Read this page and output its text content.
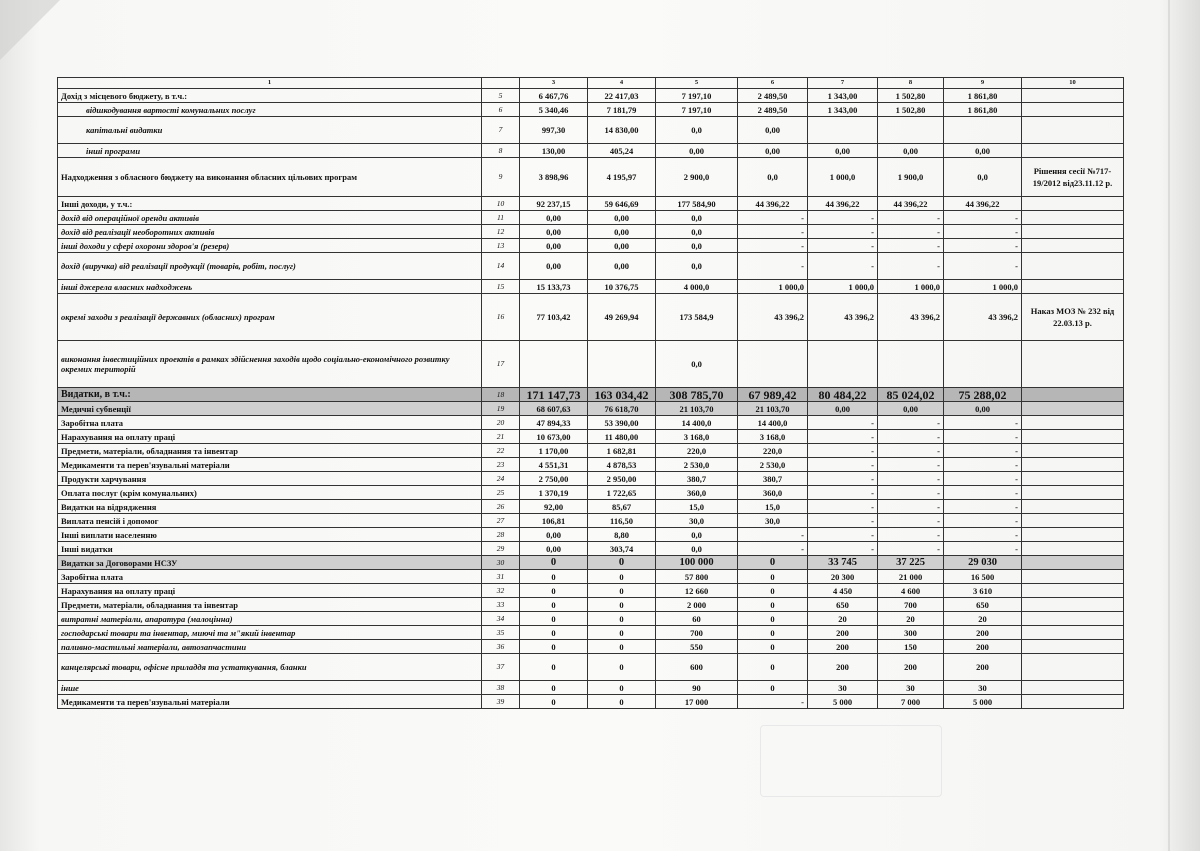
1		3	4	5	6	7	8	9	10
Дохід з місцевого бюджету, в т.ч.:	5	6 467,76	22 417,03	7 197,10	2 489,50	1 343,00	1 502,80	1 861,80	
відшкодування вартості комунальних послуг	6	5 340,46	7 181,79	7 197,10	2 489,50	1 343,00	1 502,80	1 861,80	
капітальні видатки	7	997,30	14 830,00	0,0	0,00				
інші програми	8	130,00	405,24	0,00	0,00	0,00	0,00	0,00	
Надходження з обласного бюджету на виконання обласних цільових програм	9	3 898,96	4 195,97	2 900,0	0,0	1 000,0	1 900,0	0,0	Рішення сесії №717-19/2012 від23.11.12 р.
Інші доходи, у т.ч.:	10	92 237,15	59 646,69	177 584,90	44 396,22	44 396,22	44 396,22	44 396,22	
дохід від операційної оренди активів	11	0,00	0,00	0,0	-	-	-	-	
дохід від реалізації необоротних активів	12	0,00	0,00	0,0	-	-	-	-	
інші доходи у сфері охорони здоров'я (резерв)	13	0,00	0,00	0,0	-	-	-	-	
дохід (виручка) від реалізації продукції (товарів, робіт, послуг)	14	0,00	0,00	0,0	-	-	-	-	
інші джерела власних надходжень	15	15 133,73	10 376,75	4 000,0	1 000,0	1 000,0	1 000,0	1 000,0	
окремі заходи з реалізації державних (обласних) програм	16	77 103,42	49 269,94	173 584,9	43 396,2	43 396,2	43 396,2	43 396,2	Наказ МОЗ № 232 від 22.03.13 р.
виконання інвестиційних проектів в рамках здійснення заходів щодо соціально-економічного розвитку окремих територій	17			0,0					
Видатки, в т.ч.:	18	171 147,73	163 034,42	308 785,70	67 989,42	80 484,22	85 024,02	75 288,02	
Медичні субвенції	19	68 607,63	76 618,70	21 103,70	21 103,70	0,00	0,00	0,00	
Заробітна плата	20	47 894,33	53 390,00	14 400,0	14 400,0	-	-	-	
Нарахування на оплату праці	21	10 673,00	11 480,00	3 168,0	3 168,0	-	-	-	
Предмети, матеріали, обладнання та інвентар	22	1 170,00	1 682,81	220,0	220,0	-	-	-	
Медикаменти та перев'язувальні матеріали	23	4 551,31	4 878,53	2 530,0	2 530,0	-	-	-	
Продукти харчування	24	2 750,00	2 950,00	380,7	380,7	-	-	-	
Оплата послуг (крім комунальних)	25	1 370,19	1 722,65	360,0	360,0	-	-	-	
Видатки на відрядження	26	92,00	85,67	15,0	15,0	-	-	-	
Виплата пенсій і допомог	27	106,81	116,50	30,0	30,0	-	-	-	
Інші виплати населенню	28	0,00	8,80	0,0	-	-	-	-	
Інші видатки	29	0,00	303,74	0,0	-	-	-	-	
Видатки за Договорами НСЗУ	30	0	0	100 000	0	33 745	37 225	29 030	
Заробітна плата	31	0	0	57 800	0	20 300	21 000	16 500	
Нарахування на оплату праці	32	0	0	12 660	0	4 450	4 600	3 610	
Предмети, матеріали, обладнання та інвентар	33	0	0	2 000	0	650	700	650	
витратні матеріали, апаратура (малоцінна)	34	0	0	60	0	20	20	20	
господарські товари та інвентар, миючі та м"який інвентар	35	0	0	700	0	200	300	200	
паливно-мастильні матеріали, автозапчастини	36	0	0	550	0	200	150	200	
канцелярські товари, офісне приладдя та устаткування, бланки	37	0	0	600	0	200	200	200	
інше	38	0	0	90	0	30	30	30	
Медикаменти та перев'язувальні матеріали	39	0	0	17 000	-	5 000	7 000	5 000	
